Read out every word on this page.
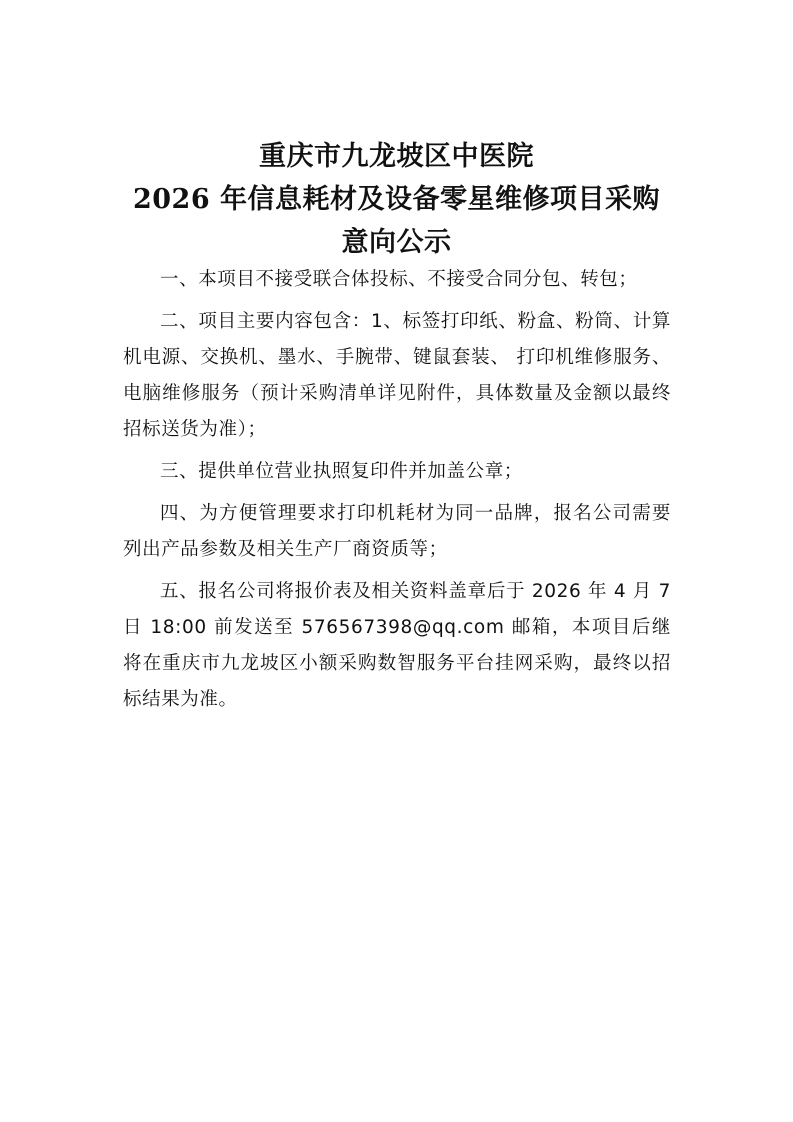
重庆市九龙坡区中医院
2026 年信息耗材及设备零星维修项目采购
意向公示

一、本项目不接受联合体投标、不接受合同分包、转包；

二、项目主要内容包含：1、标签打印纸、粉盒、粉筒、计算机电源、交换机、墨水、手腕带、键鼠套装、 打印机维修服务、电脑维修服务（预计采购清单详见附件，具体数量及金额以最终招标送货为准）；

三、提供单位营业执照复印件并加盖公章；

四、为方便管理要求打印机耗材为同一品牌，报名公司需要列出产品参数及相关生产厂商资质等；

五、报名公司将报价表及相关资料盖章后于 2026 年 4 月 7 日 18:00 前发送至 576567398@qq.com 邮箱，本项目后继将在重庆市九龙坡区小额采购数智服务平台挂网采购，最终以招标结果为准。
